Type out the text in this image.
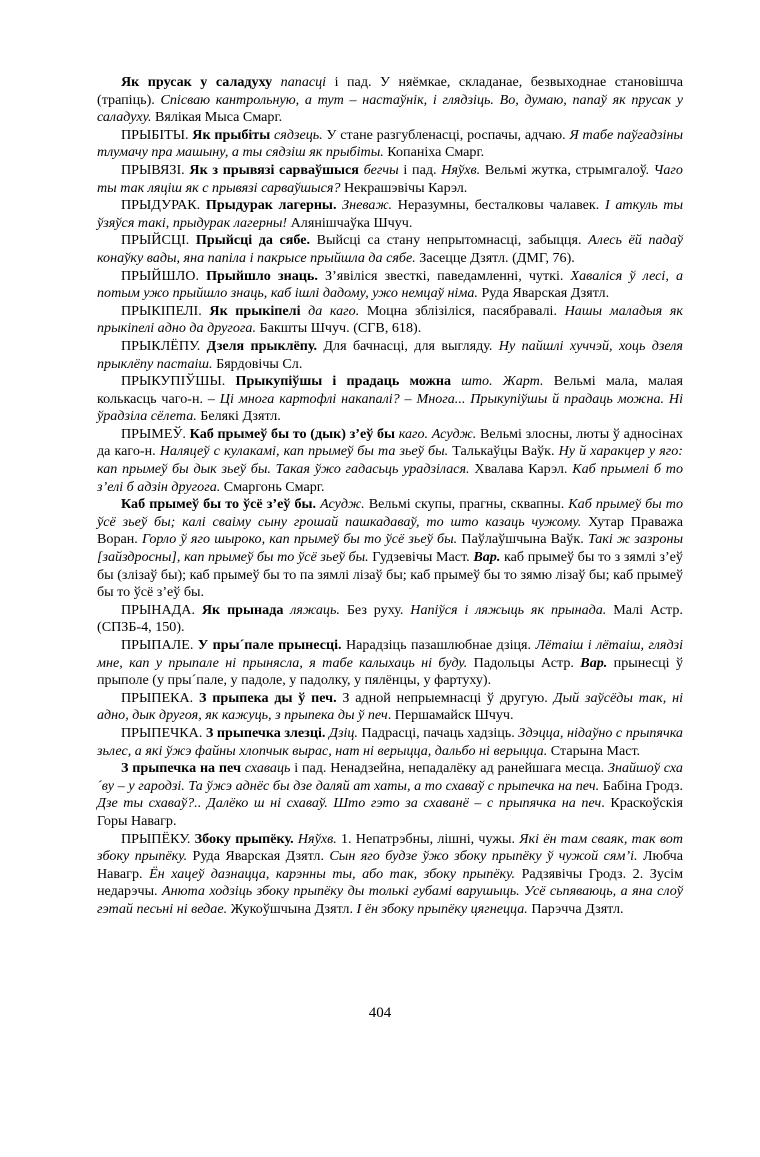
Як прусак у саладуху папасці і пад. У няёмкае, складанае, безвыходнае становішча (трапіць). Спісваю кантрольную, а тут – настаўнік, і глядзіць. Во, думаю, папаў як прусак у саладуху. Вялікая Мыса Смарг.

ПРЫБІТЫ. Як прыбіты сядзець. У стане разгубленасці, роспачы, адчаю. Я табе паўгадзіны тлумачу пра машыну, а ты сядзіш як прыбіты. Копаніха Смарг.

ПРЫВЯЗІ. Як з прывязі сарваўшыся бегчы і пад. Няўхв. Вельмі жутка, стрымгалоў. Чаго ты так ляціш як с прывязі сарваўшыся? Некрашэвічы Карэл.

ПРЫДУРАК. Прыдурак лагерны. Зневаж. Неразумны, бесталковы чалавек. І аткуль ты ўзяўся такі, прыдурак лагерны! Алянішчаўка Шчуч.

ПРЫЙСЦІ. Прыйсці да сябе. Выйсці са стану непрытомнасці, забыцця. Алесь ёй падаў конаўку вады, яна папіла і пакрысе прыйшла да сябе. Засецце Дзятл. (ДМГ, 76).

ПРЫЙШЛО. Прыйшло знаць. З’явіліся звесткі, паведамленні, чуткі. Хаваліся ў лесі, а потым ужо прыйшло знаць, каб ішлі дадому, ужо немцаў німа. Руда Яварская Дзятл.

ПРЫКІПЕЛІ. Як прыкіпелі да каго. Моцна зблізіліся, пасябравалі. Нашы маладыя як прыкіпелі адно да другога. Бакшты Шчуч. (СГВ, 618).

ПРЫКЛЁПУ. Дзеля прыклёпу. Для бачнасці, для выгляду. Ну пайшлі хуччэй, хоць дзеля прыклёпу пастаіш. Бярдовічы Сл.

ПРЫКУПІЎШЫ. Прыкупіўшы і прадаць можна што. Жарт. Вельмі мала, малая колькасць чаго-н. – Ці многа картофлі накапалі? – Многа... Прыкупіўшы й прадаць можна. Ні ўрадзіла сёлета. Белякі Дзятл.

ПРЫМЕЎ. Каб прымеў бы то (дык) з’еў бы каго. Асудж. Вельмі злосны, люты ў адносінах да каго-н. Наляцеў с кулакамі, кап прымеў бы та зьеў бы. Талькаўцы Ваўк. Ну й харакцер у яго: кап прымеў бы дык зьеў бы. Такая ўжо гадасьць урадзілася. Хвалава Карэл. Каб прымелі б то з’елі б адзін другога. Смаргонь Смарг.

Каб прымеў бы то ўсё з’еў бы. Асудж. Вельмі скупы, прагны, сквапны. Каб прымеў бы то ўсё зьеў бы; калі сваіму сыну грошай пашкадаваў, то што казаць чужому. Хутар Праважа Воран. Горло ў яго шыроко, кап прымеў бы то ўсё зьеў бы. Паўлаўшчына Ваўк. Такі ж зазроны [зайздросны], кап прымеў бы то ўсё зьеў бы. Гудзевічы Маст. Вар. каб прымеў бы то з зямлі з’еў бы (злізаў бы); каб прымеў бы то па зямлі лізаў бы; каб прымеў бы то зямю лізаў бы; каб прымеў бы то ўсё з’еў бы.

ПРЫНАДА. Як прынада ляжаць. Без руху. Напіўся і ляжыць як прынада. Малі Астр. (СПЗБ-4, 150).

ПРЫПАЛЕ. У пры´пале прынесці. Нарадзіць пазашлюбнае дзіця. Лётаіш і лётаіш, глядзі мне, кап у прыпале ні прынясла, я табе калыхаць ні буду. Падольцы Астр. Вар. прынесці ў прыполе (у пры´пале, у падоле, у падолку, у пялёнцы, у фартуху).

ПРЫПЕКА. З прыпека ды ў печ. З адной непрыемнасці ў другую. Дый заўсёды так, ні адно, дык другоя, як кажуць, з прыпека ды ў печ. Першамайск Шчуч.

ПРЫПЕЧКА. З прыпечка злезці. Дзіц. Падрасці, пачаць хадзіць. Здэцца, нідаўно с прыпячка зьлес, а які ўжэ файны хлопчык вырас, нат ні верыцца, дальбо ні верыцца. Старына Маст.

З прыпечка на печ схаваць і пад. Ненадзейна, непадалёку ад ранейшага месца. Знайшоў сха´ву – у гародзі. Та ўжэ аднёс бы дзе даляй ат хаты, а то схаваў с прыпечка на печ. Бабіна Гродз. Дзе ты схаваў?.. Далёко ш ні схаваў. Што гэто за схаванё – с прыпячка на печ. Краскоўскія Горы Навагр.

ПРЫПЁКУ. Збоку прыпёку. Няўхв. 1. Непатрэбны, лішні, чужы. Які ён там сваяк, так вот збоку прыпёку. Руда Яварская Дзятл. Сын яго будзе ўжо збоку прыпёку ў чужой сям’і. Любча Навагр. Ён хацеў дазнацца, карэнны ты, або так, збоку прыпёку. Радзявічы Гродз. 2. Зусім недарэчы. Анюта ходзіць збоку прыпёку ды толькі губамі варушыць. Усё сьпяваюць, а яна слоў гэтай песьні ні ведае. Жукоўшчына Дзятл. І ён збоку прыпёку цягнецца. Парэчча Дзятл.

404
